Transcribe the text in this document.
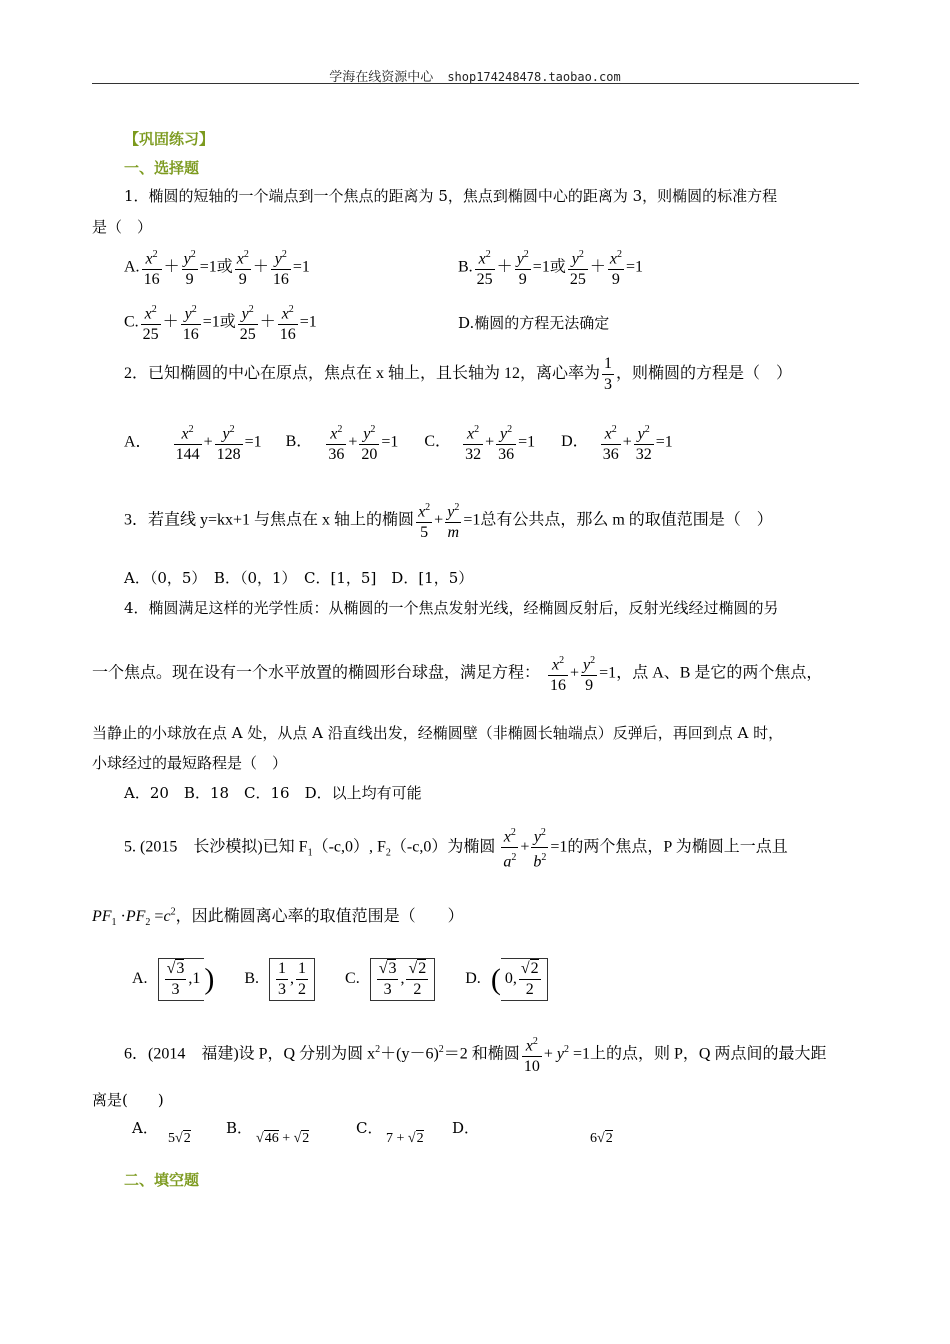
学海在线资源中心 shop174248478.taobao.com
【巩固练习】
一、选择题
1．椭圆的短轴的一个端点到一个焦点的距离为 5，焦点到椭圆中心的距离为 3，则椭圆的标准方程
是（　）
A. $\frac{x^2}{16} + \frac{y^2}{9} =1$或 $\frac{x^2}{9} + \frac{y^2}{16} =1$	B. $\frac{x^2}{25} + \frac{y^2}{9} =1$或 $\frac{y^2}{25} + \frac{x^2}{9} =1$
C. $\frac{x^2}{25} + \frac{y^2}{16} =1$或 $\frac{y^2}{25} + \frac{x^2}{16} =1$	D.椭圆的方程无法确定
2．已知椭圆的中心在原点，焦点在 x 轴上，且长轴为 12，离心率为 $\frac{1}{3}$ ，则椭圆的方程是（　）
A． $\frac{x^2}{144} + \frac{y^2}{128} =1$ B． $\frac{x^2}{36} + \frac{y^2}{20} =1$ C． $\frac{x^2}{32} + \frac{y^2}{36} =1$ D． $\frac{x^2}{36} + \frac{y^2}{32} =1$
3．若直线 y=kx+1 与焦点在 x 轴上的椭圆 $\frac{x^2}{5} + \frac{y^2}{m} =1$总有公共点，那么 m 的取值范围是（　）
A．（0，5）　B．（0，1）　C．[1，5]　D．[1，5）
4．椭圆满足这样的光学性质：从椭圆的一个焦点发射光线，经椭圆反射后，反射光线经过椭圆的另
一个焦点。现在设有一个水平放置的椭圆形台球盘，满足方程： $\frac{x^2}{16} + \frac{y^2}{9} =1$，点 A、B 是它的两个焦点，
当静止的小球放在点 A 处，从点 A 沿直线出发，经椭圆壁（非椭圆长轴端点）反弹后，再回到点 A 时，
小球经过的最短路程是（　）
A．20　B．18　C．16　D．以上均有可能
5. (2015　长沙模拟)已知 $F_1(-c,0)$, $F_2(-c,0)$为椭圆 $\frac{x^2}{a^2} + \frac{y^2}{b^2} =1$的两个焦点，P 为椭圆上一点且
$PF_1 \cdot PF_2 =c^2$，因此椭圆离心率的取值范围是（　　）
A. $\frac{√3}{3} ,1$ ) B. $\frac{1}{3}$ , $\frac{1}{2} C$. $\frac{√3}{3}$ , $\frac{√2}{2} D$. ( 0, $\frac{√2}{2}$
6．(2014　福建)设 P，Q 分别为圆 $x^2+(y-6)^2=2$ 和椭圆 $\frac{x^2}{10} + y^2 =1$上的点，则 P，Q 两点间的最大距
离是(　　)
A．
5√2
B．
√46 + √2
C．
7 + √2
D．
6√2
二、填空题
